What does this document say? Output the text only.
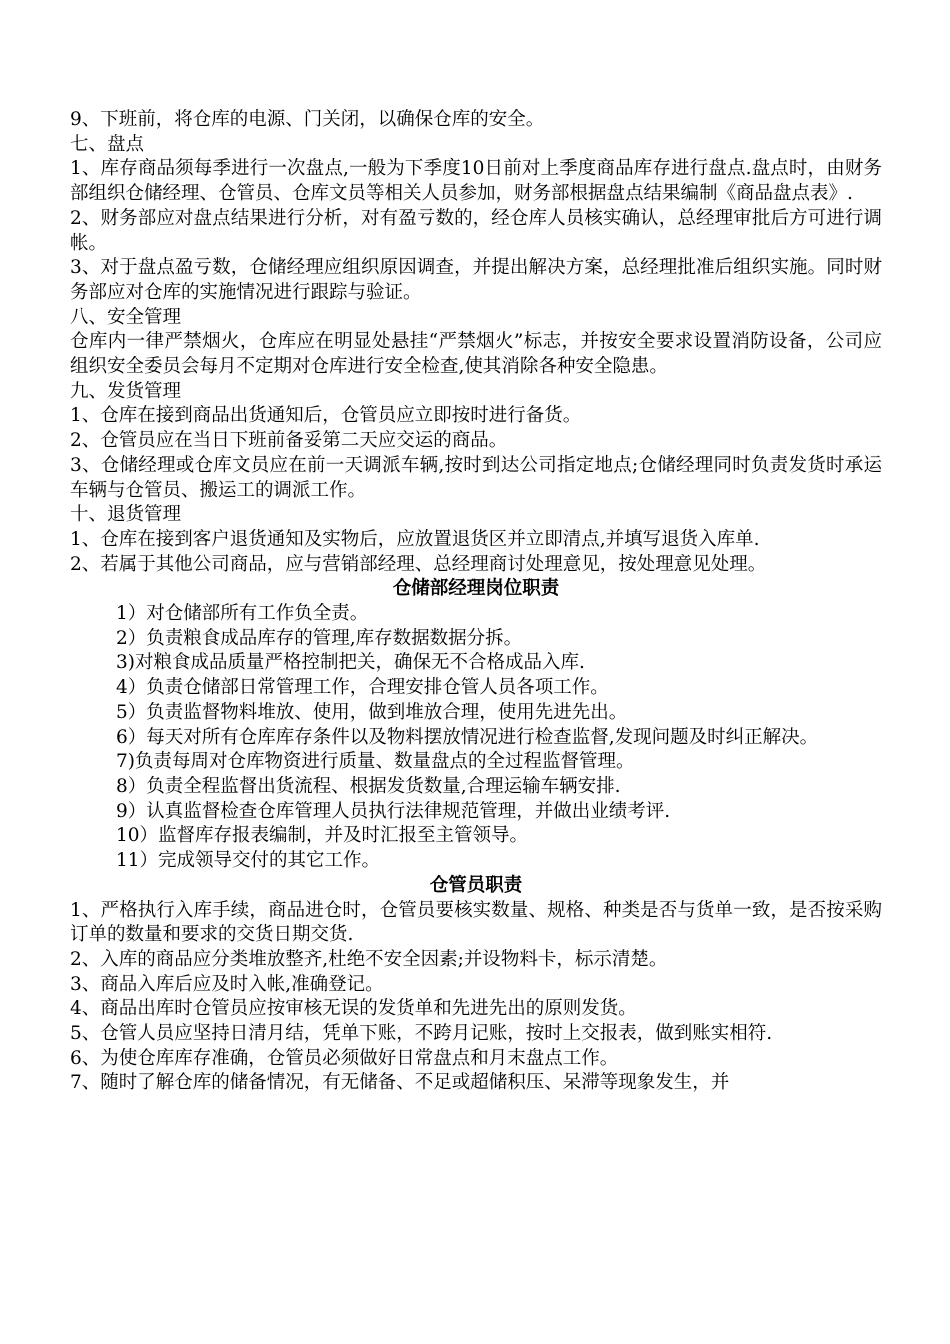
9、下班前，将仓库的电源、门关闭，以确保仓库的安全。

七、盘点

1、库存商品须每季进行一次盘点,一般为下季度10日前对上季度商品库存进行盘点.盘点时，由财务部组织仓储经理、仓管员、仓库文员等相关人员参加，财务部根据盘点结果编制《商品盘点表》.

2、财务部应对盘点结果进行分析，对有盈亏数的，经仓库人员核实确认，总经理审批后方可进行调帐。

3、对于盘点盈亏数，仓储经理应组织原因调查，并提出解决方案，总经理批准后组织实施。同时财务部应对仓库的实施情况进行跟踪与验证。

八、安全管理

仓库内一律严禁烟火，仓库应在明显处悬挂“严禁烟火”标志，并按安全要求设置消防设备，公司应组织安全委员会每月不定期对仓库进行安全检查,使其消除各种安全隐患。

九、发货管理

1、仓库在接到商品出货通知后，仓管员应立即按时进行备货。

2、仓管员应在当日下班前备妥第二天应交运的商品。

3、仓储经理或仓库文员应在前一天调派车辆,按时到达公司指定地点;仓储经理同时负责发货时承运车辆与仓管员、搬运工的调派工作。

十、退货管理

1、仓库在接到客户退货通知及实物后，应放置退货区并立即清点,并填写退货入库单.

2、若属于其他公司商品，应与营销部经理、总经理商讨处理意见，按处理意见处理。

仓储部经理岗位职责

1）对仓储部所有工作负全责。

2）负责粮食成品库存的管理,库存数据数据分拆。

3)对粮食成品质量严格控制把关，确保无不合格成品入库.

4）负责仓储部日常管理工作，合理安排仓管人员各项工作。

5）负责监督物料堆放、使用，做到堆放合理，使用先进先出。

6）每天对所有仓库库存条件以及物料摆放情况进行检查监督,发现问题及时纠正解决。

7)负责每周对仓库物资进行质量、数量盘点的全过程监督管理。

8）负责全程监督出货流程、根据发货数量,合理运输车辆安排.

9）认真监督检查仓库管理人员执行法律规范管理，并做出业绩考评.

10）监督库存报表编制，并及时汇报至主管领导。

11）完成领导交付的其它工作。

仓管员职责

1、严格执行入库手续，商品进仓时，仓管员要核实数量、规格、种类是否与货单一致，是否按采购订单的数量和要求的交货日期交货.

2、入库的商品应分类堆放整齐,杜绝不安全因素;并设物料卡，标示清楚。

3、商品入库后应及时入帐,准确登记。

4、商品出库时仓管员应按审核无误的发货单和先进先出的原则发货。

5、仓管人员应坚持日清月结，凭单下账，不跨月记账，按时上交报表，做到账实相符.

6、为使仓库库存准确，仓管员必须做好日常盘点和月末盘点工作。

7、随时了解仓库的储备情况，有无储备、不足或超储积压、呆滞等现象发生，并
